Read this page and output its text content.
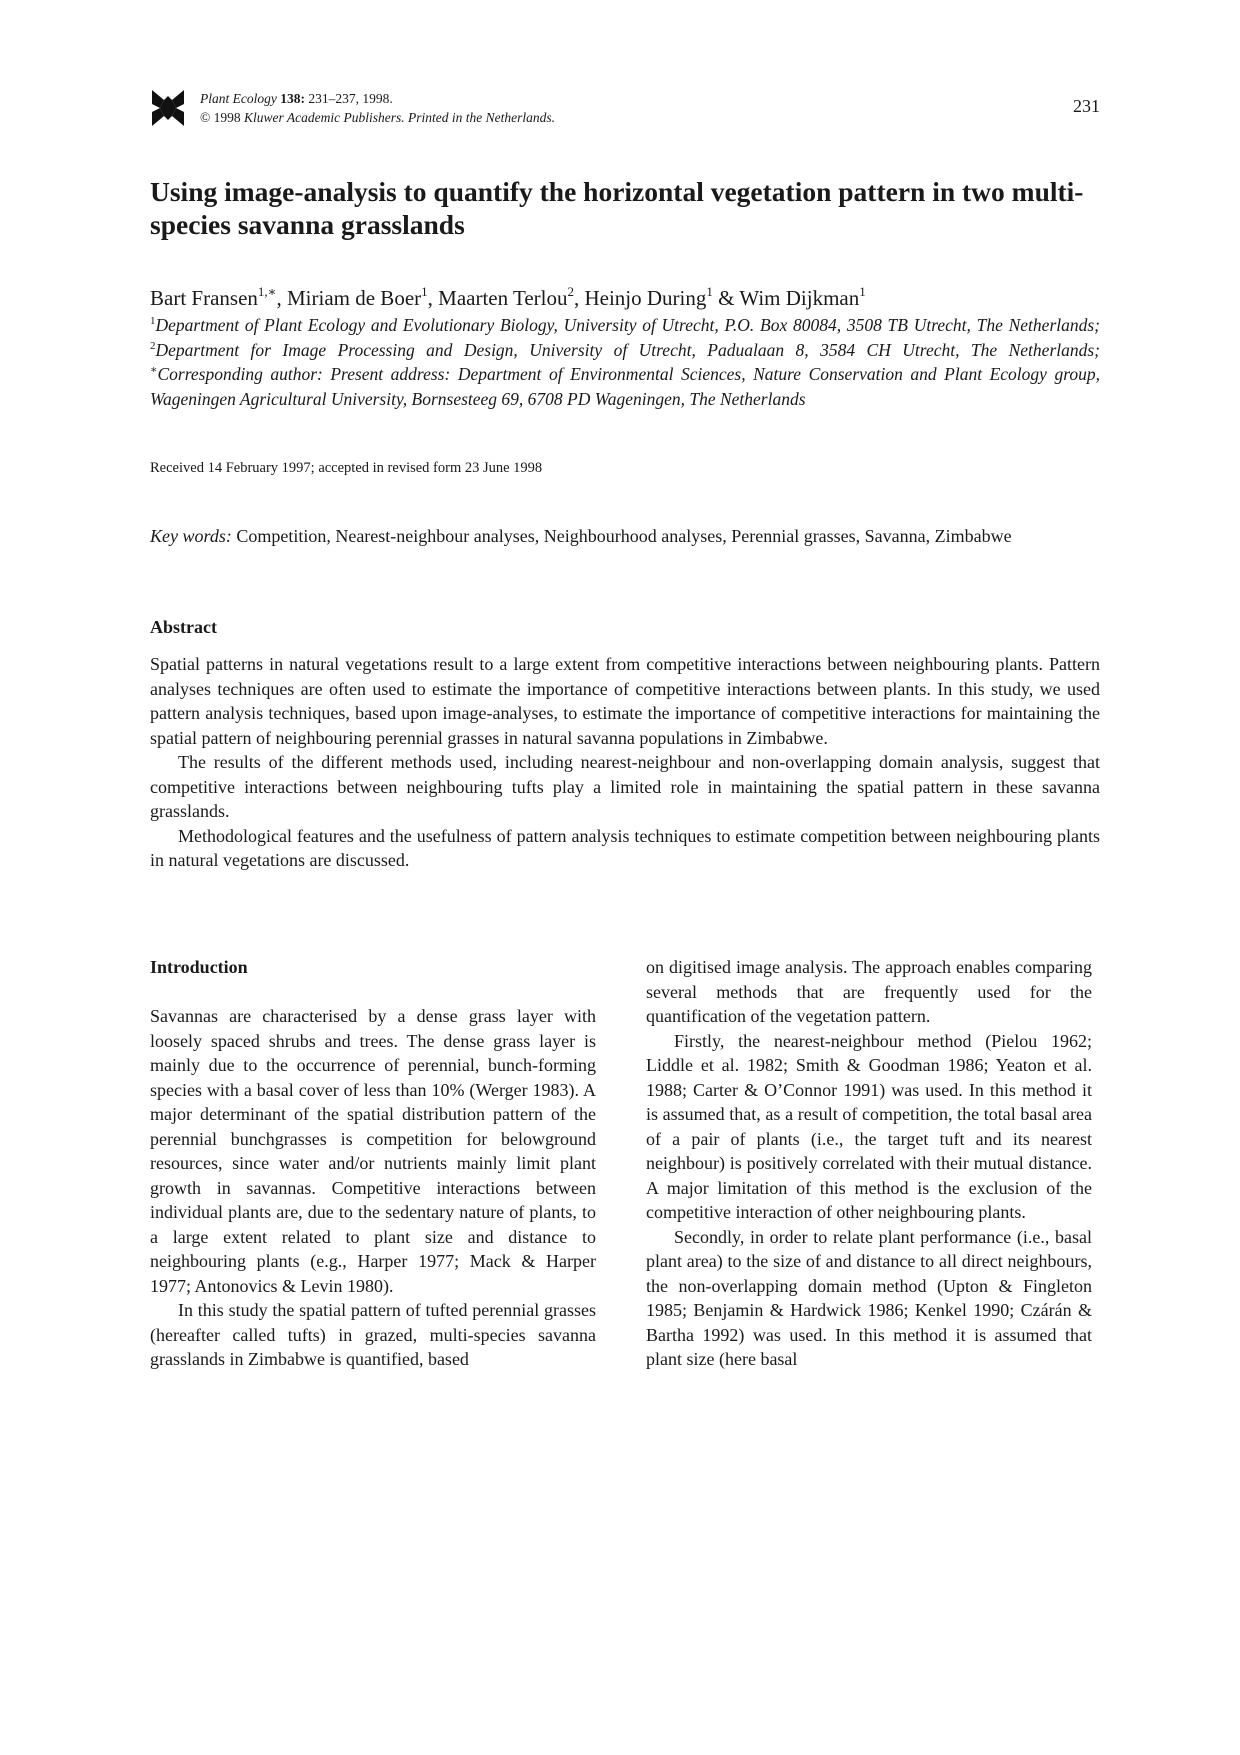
Plant Ecology 138: 231–237, 1998.
© 1998 Kluwer Academic Publishers. Printed in the Netherlands.
231
Using image-analysis to quantify the horizontal vegetation pattern in two multi-species savanna grasslands
Bart Fransen$^{1,∗}$, Miriam de Boer$^1$, Maarten Terlou$^2$, Heinjo During$^1$ & Wim Dijkman$^1$

$^1$Department of Plant Ecology and Evolutionary Biology, University of Utrecht, P.O. Box 80084, 3508 TB Utrecht, The Netherlands; $^2$Department for Image Processing and Design, University of Utrecht, Padualaan 8, 3584 CH Utrecht, The Netherlands; ∗Corresponding author: Present address: Department of Environmental Sciences, Nature Conservation and Plant Ecology group, Wageningen Agricultural University, Bornsesteeg 69, 6708 PD Wageningen, The Netherlands

Received 14 February 1997; accepted in revised form 23 June 1998

Key words: Competition, Nearest-neighbour analyses, Neighbourhood analyses, Perennial grasses, Savanna, Zimbabwe

Abstract

Spatial patterns in natural vegetations result to a large extent from competitive interactions between neighbouring plants. Pattern analyses techniques are often used to estimate the importance of competitive interactions between plants. In this study, we used pattern analysis techniques, based upon image-analyses, to estimate the importance of competitive interactions for maintaining the spatial pattern of neighbouring perennial grasses in natural savanna populations in Zimbabwe.

The results of the different methods used, including nearest-neighbour and non-overlapping domain analysis, suggest that competitive interactions between neighbouring tufts play a limited role in maintaining the spatial pattern in these savanna grasslands.

Methodological features and the usefulness of pattern analysis techniques to estimate competition between neighbouring plants in natural vegetations are discussed.

Introduction

Savannas are characterised by a dense grass layer with loosely spaced shrubs and trees. The dense grass layer is mainly due to the occurrence of perennial, bunch-forming species with a basal cover of less than 10% (Werger 1983). A major determinant of the spatial distribution pattern of the perennial bunchgrasses is competition for belowground resources, since water and/or nutrients mainly limit plant growth in savannas. Competitive interactions between individual plants are, due to the sedentary nature of plants, to a large extent related to plant size and distance to neighbouring plants (e.g., Harper 1977; Mack & Harper 1977; Antonovics & Levin 1980).

In this study the spatial pattern of tufted perennial grasses (hereafter called tufts) in grazed, multi-species savanna grasslands in Zimbabwe is quantified, based

on digitised image analysis. The approach enables comparing several methods that are frequently used for the quantification of the vegetation pattern.

Firstly, the nearest-neighbour method (Pielou 1962; Liddle et al. 1982; Smith & Goodman 1986; Yeaton et al. 1988; Carter & O’Connor 1991) was used. In this method it is assumed that, as a result of competition, the total basal area of a pair of plants (i.e., the target tuft and its nearest neighbour) is positively correlated with their mutual distance. A major limitation of this method is the exclusion of the competitive interaction of other neighbouring plants.

Secondly, in order to relate plant performance (i.e., basal plant area) to the size of and distance to all direct neighbours, the non-overlapping domain method (Upton & Fingleton 1985; Benjamin & Hardwick 1986; Kenkel 1990; Czárán & Bartha 1992) was used. In this method it is assumed that plant size (here basal
